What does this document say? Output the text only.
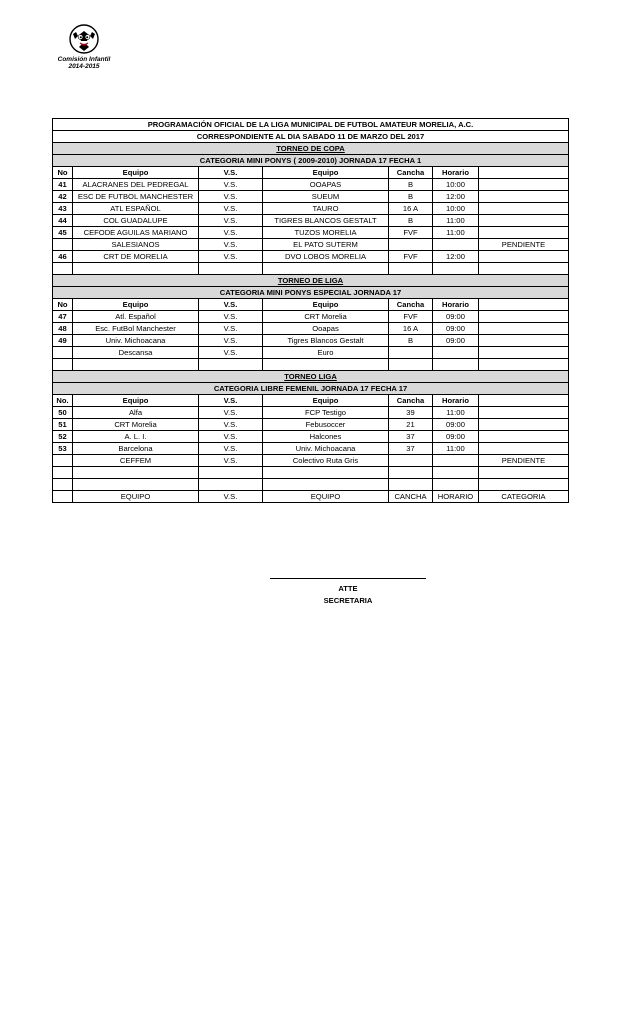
Comisión Infantil
2014-2015
PROGRAMACIÓN OFICIAL DE LA LIGA MUNICIPAL DE FUTBOL AMATEUR MORELIA, A.C.						
CORRESPONDIENTE AL DIA SABADO 11 DE MARZO DEL 2017						
TORNEO DE COPA						
CATEGORIA MINI PONYS ( 2009-2010) JORNADA 17 FECHA 1						
No	Equipo	V.S.	Equipo	Cancha	Horario	
41	ALACRANES DEL PEDREGAL	V.S.	OOAPAS	B	10:00	
42	ESC DE FUTBOL MANCHESTER	V.S.	SUEUM	B	12:00	
43	ATL ESPAÑOL	V.S.	TAURO	16 A	10:00	
44	COL GUADALUPE	V.S.	TIGRES BLANCOS GESTALT	B	11:00	
45	CEFODE AGUILAS MARIANO	V.S.	TUZOS MORELIA	FVF	11:00	
	SALESIANOS	V.S.	EL PATO SUTERM			PENDIENTE
46	CRT DE MORELIA	V.S.	DVO LOBOS MORELIA	FVF	12:00	

TORNEO DE LIGA						
CATEGORIA MINI PONYS ESPECIAL JORNADA 17						
No	Equipo	V.S.	Equipo	Cancha	Horario	
47	Atl. Español	V.S.	CRT Morelia	FVF	09:00	
48	Esc. FutBol Manchester	V.S.	Ooapas	16 A	09:00	
49	Univ. Michoacana	V.S.	Tigres Blancos Gestalt	B	09:00	
	Descansa	V.S.	Euro			

TORNEO LIGA						
CATEGORIA LIBRE FEMENIL JORNADA 17 FECHA 17						
No.	Equipo	V.S.	Equipo	Cancha	Horario	
50	Alfa	V.S.	FCP Testigo	39	11:00	
51	CRT Morelia	V.S.	Febusoccer	21	09:00	
52	A. L. I.	V.S.	Halcones	37	09:00	
53	Barcelona	V.S.	Univ. Michoacana	37	11:00	
	CEFFEM	V.S.	Colectivo Ruta Gris			PENDIENTE

	EQUIPO	V.S.	EQUIPO	CANCHA	HORARIO	CATEGORIA
ATTE
SECRETARIA
